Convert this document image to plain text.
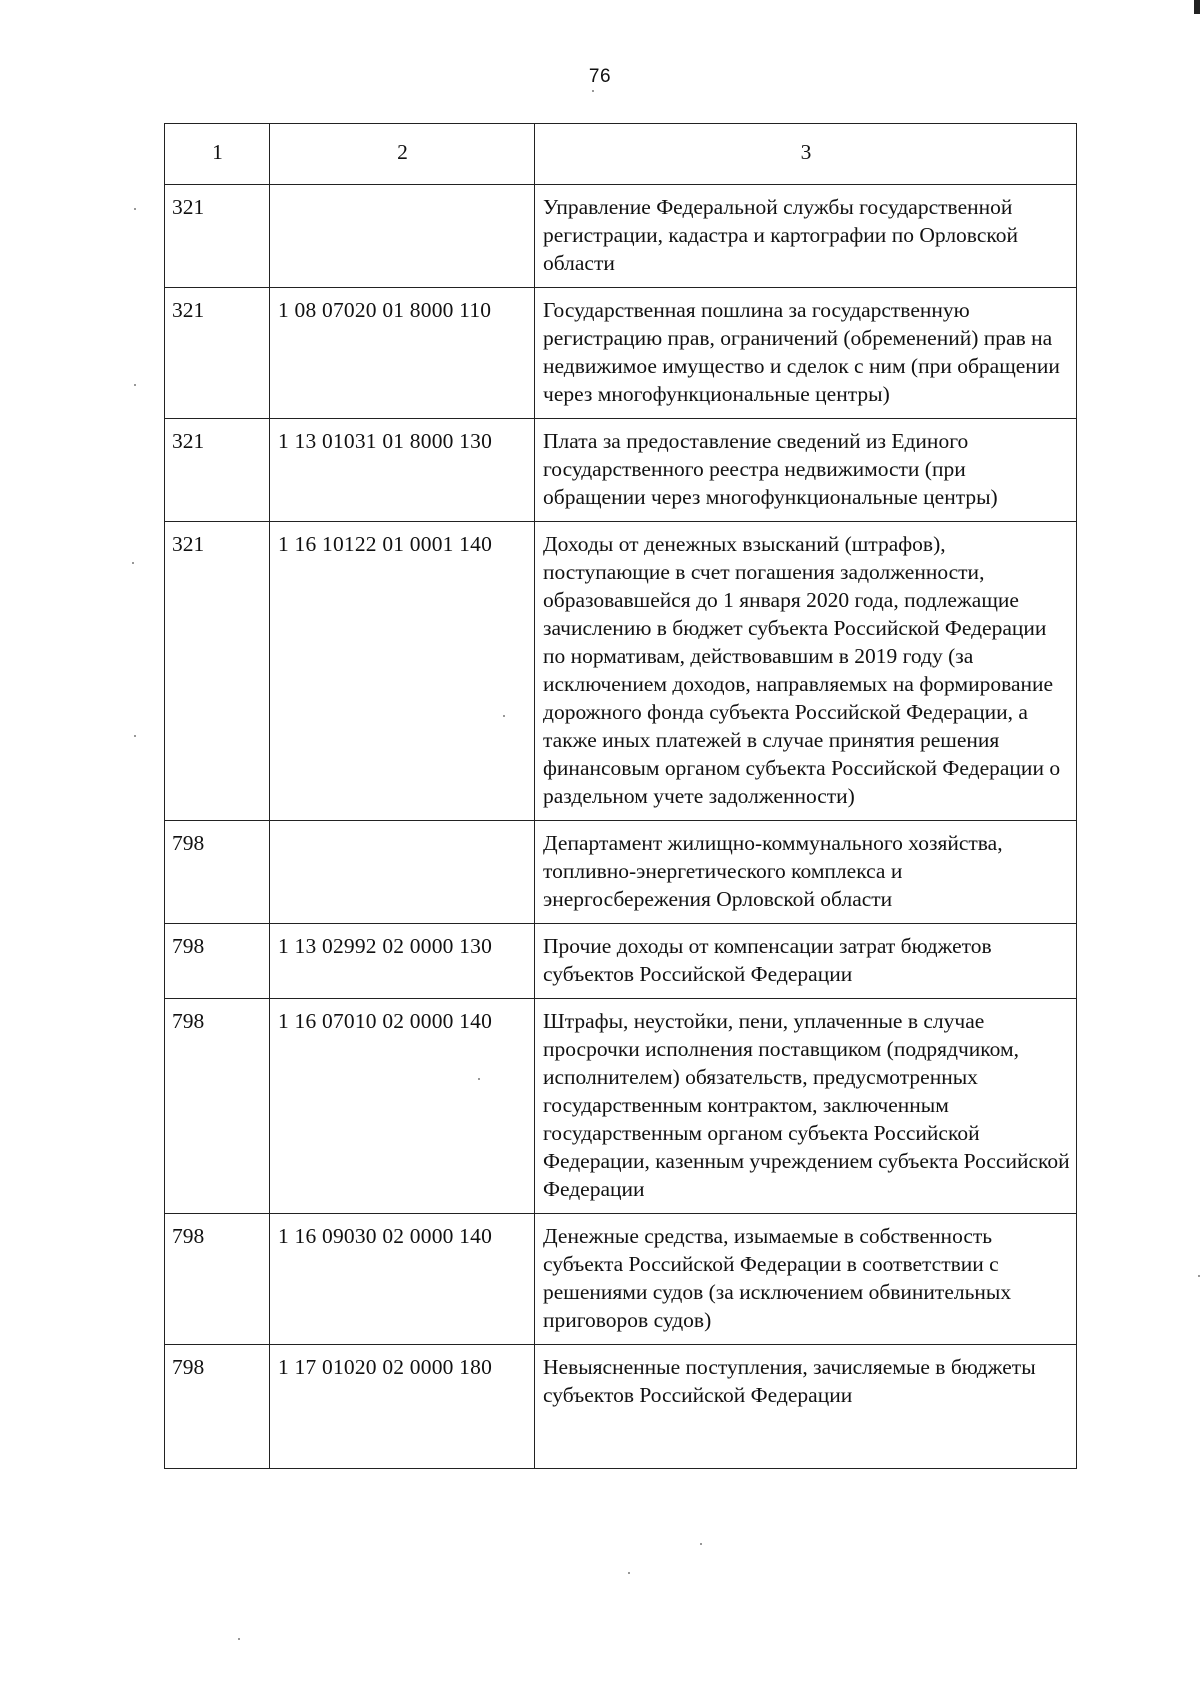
76
1	2	3
321		Управление Федеральной службы государственной регистрации, кадастра и картографии по Орловской области
321	1 08 07020 01 8000 110	Государственная пошлина за государственную регистрацию прав, ограничений (обременений) прав на недвижимое имущество и сделок с ним (при обращении через многофункциональные центры)
321	1 13 01031 01 8000 130	Плата за предоставление сведений из Единого государственного реестра недвижимости (при обращении через многофункциональные центры)
321	1 16 10122 01 0001 140	Доходы от денежных взысканий (штрафов), поступающие в счет погашения задолженности, образовавшейся до 1 января 2020 года, подлежащие зачислению в бюджет субъекта Российской Федерации по нормативам, действовавшим в 2019 году (за исключением доходов, направляемых на формирование дорожного фонда субъекта Российской Федерации, а также иных платежей в случае принятия решения финансовым органом субъекта Российской Федерации о раздельном учете задолженности)
798		Департамент жилищно-коммунального хозяйства, топливно-энергетического комплекса и энергосбережения Орловской области
798	1 13 02992 02 0000 130	Прочие доходы от компенсации затрат бюджетов субъектов Российской Федерации
798	1 16 07010 02 0000 140	Штрафы, неустойки, пени, уплаченные в случае просрочки исполнения поставщиком (подрядчиком, исполнителем) обязательств, предусмотренных государственным контрактом, заключенным государственным органом субъекта Российской Федерации, казенным учреждением субъекта Российской Федерации
798	1 16 09030 02 0000 140	Денежные средства, изымаемые в собственность субъекта Российской Федерации в соответствии с решениями судов (за исключением обвинительных приговоров судов)
798	1 17 01020 02 0000 180	Невыясненные поступления, зачисляемые в бюджеты субъектов Российской Федерации
